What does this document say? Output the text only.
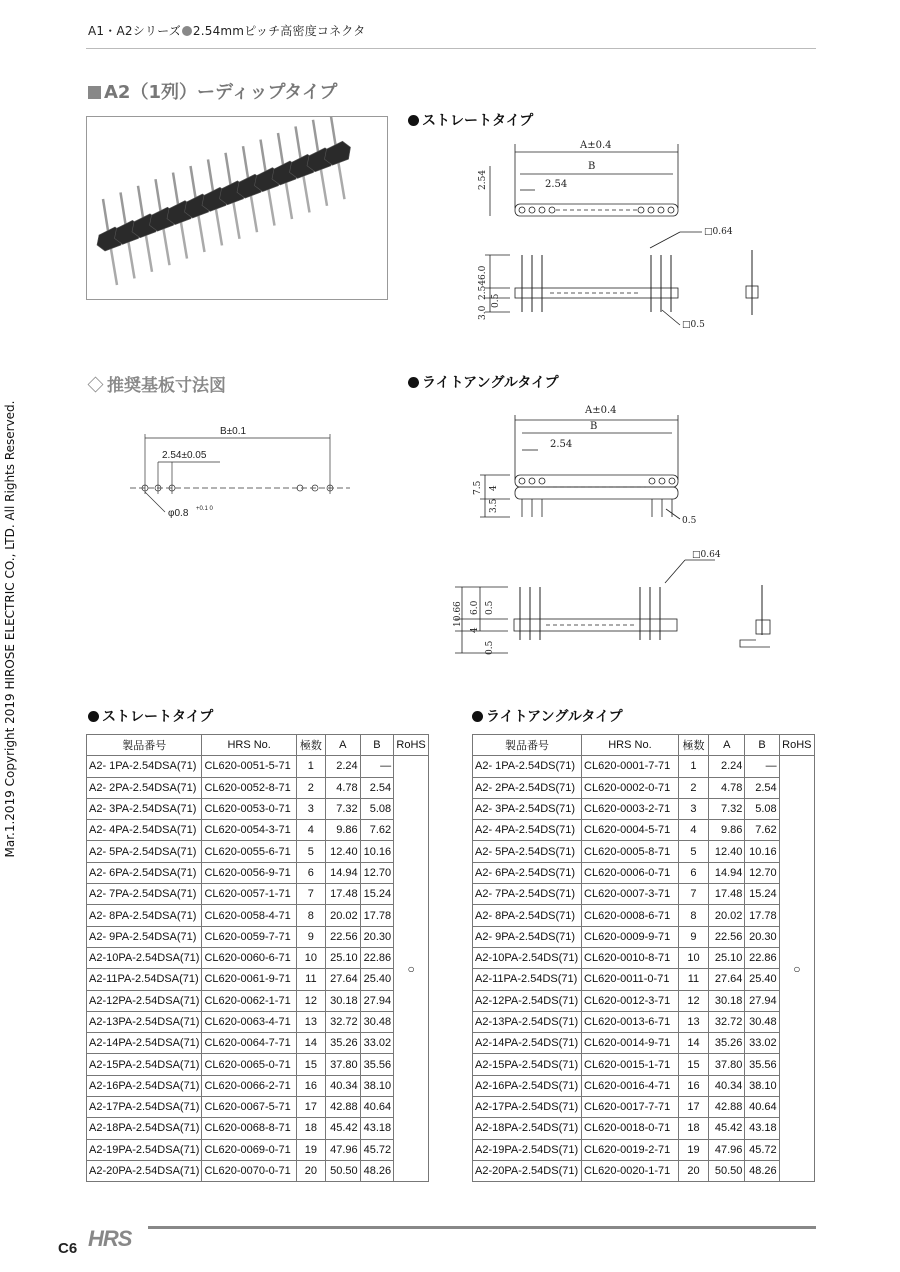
A1・A2シリーズ 2.54mmピッチ高密度コネクタ
Mar.1.2019 Copyright 2019 HIROSE ELECTRIC CO., LTD. All Rights Reserved.
A2（1列）ーディップタイプ
ストレートタイプ
A±0.4
B
2.54
2.54
□0.64
6.0
2.54
3.0
0.5
□0.5
推奨基板寸法図
B±0.1
2.54±0.05
φ0.8 +0.1 0
ライトアングルタイプ
A±0.4
B
2.54
7.5
3.5
4
0.5
□0.64
10.66
4
6.0 0.5
0.5
ストレートタイプ
製品番号	HRS No.	極数	A	B	RoHS
A2- 1PA-2.54DSA(71)	CL620-0051-5-71	1	2.24	—	○
A2- 2PA-2.54DSA(71)	CL620-0052-8-71	2	4.78	2.54	
A2- 3PA-2.54DSA(71)	CL620-0053-0-71	3	7.32	5.08	
A2- 4PA-2.54DSA(71)	CL620-0054-3-71	4	9.86	7.62	
A2- 5PA-2.54DSA(71)	CL620-0055-6-71	5	12.40	10.16	
A2- 6PA-2.54DSA(71)	CL620-0056-9-71	6	14.94	12.70	
A2- 7PA-2.54DSA(71)	CL620-0057-1-71	7	17.48	15.24	
A2- 8PA-2.54DSA(71)	CL620-0058-4-71	8	20.02	17.78	
A2- 9PA-2.54DSA(71)	CL620-0059-7-71	9	22.56	20.30	
A2-10PA-2.54DSA(71)	CL620-0060-6-71	10	25.10	22.86	
A2-11PA-2.54DSA(71)	CL620-0061-9-71	11	27.64	25.40	
A2-12PA-2.54DSA(71)	CL620-0062-1-71	12	30.18	27.94	
A2-13PA-2.54DSA(71)	CL620-0063-4-71	13	32.72	30.48	
A2-14PA-2.54DSA(71)	CL620-0064-7-71	14	35.26	33.02	
A2-15PA-2.54DSA(71)	CL620-0065-0-71	15	37.80	35.56	
A2-16PA-2.54DSA(71)	CL620-0066-2-71	16	40.34	38.10	
A2-17PA-2.54DSA(71)	CL620-0067-5-71	17	42.88	40.64	
A2-18PA-2.54DSA(71)	CL620-0068-8-71	18	45.42	43.18	
A2-19PA-2.54DSA(71)	CL620-0069-0-71	19	47.96	45.72	
A2-20PA-2.54DSA(71)	CL620-0070-0-71	20	50.50	48.26	
ライトアングルタイプ
製品番号	HRS No.	極数	A	B	RoHS
A2- 1PA-2.54DS(71)	CL620-0001-7-71	1	2.24	—	○
A2- 2PA-2.54DS(71)	CL620-0002-0-71	2	4.78	2.54	
A2- 3PA-2.54DS(71)	CL620-0003-2-71	3	7.32	5.08	
A2- 4PA-2.54DS(71)	CL620-0004-5-71	4	9.86	7.62	
A2- 5PA-2.54DS(71)	CL620-0005-8-71	5	12.40	10.16	
A2- 6PA-2.54DS(71)	CL620-0006-0-71	6	14.94	12.70	
A2- 7PA-2.54DS(71)	CL620-0007-3-71	7	17.48	15.24	
A2- 8PA-2.54DS(71)	CL620-0008-6-71	8	20.02	17.78	
A2- 9PA-2.54DS(71)	CL620-0009-9-71	9	22.56	20.30	
A2-10PA-2.54DS(71)	CL620-0010-8-71	10	25.10	22.86	
A2-11PA-2.54DS(71)	CL620-0011-0-71	11	27.64	25.40	
A2-12PA-2.54DS(71)	CL620-0012-3-71	12	30.18	27.94	
A2-13PA-2.54DS(71)	CL620-0013-6-71	13	32.72	30.48	
A2-14PA-2.54DS(71)	CL620-0014-9-71	14	35.26	33.02	
A2-15PA-2.54DS(71)	CL620-0015-1-71	15	37.80	35.56	
A2-16PA-2.54DS(71)	CL620-0016-4-71	16	40.34	38.10	
A2-17PA-2.54DS(71)	CL620-0017-7-71	17	42.88	40.64	
A2-18PA-2.54DS(71)	CL620-0018-0-71	18	45.42	43.18	
A2-19PA-2.54DS(71)	CL620-0019-2-71	19	47.96	45.72	
A2-20PA-2.54DS(71)	CL620-0020-1-71	20	50.50	48.26	
C6 HRS
